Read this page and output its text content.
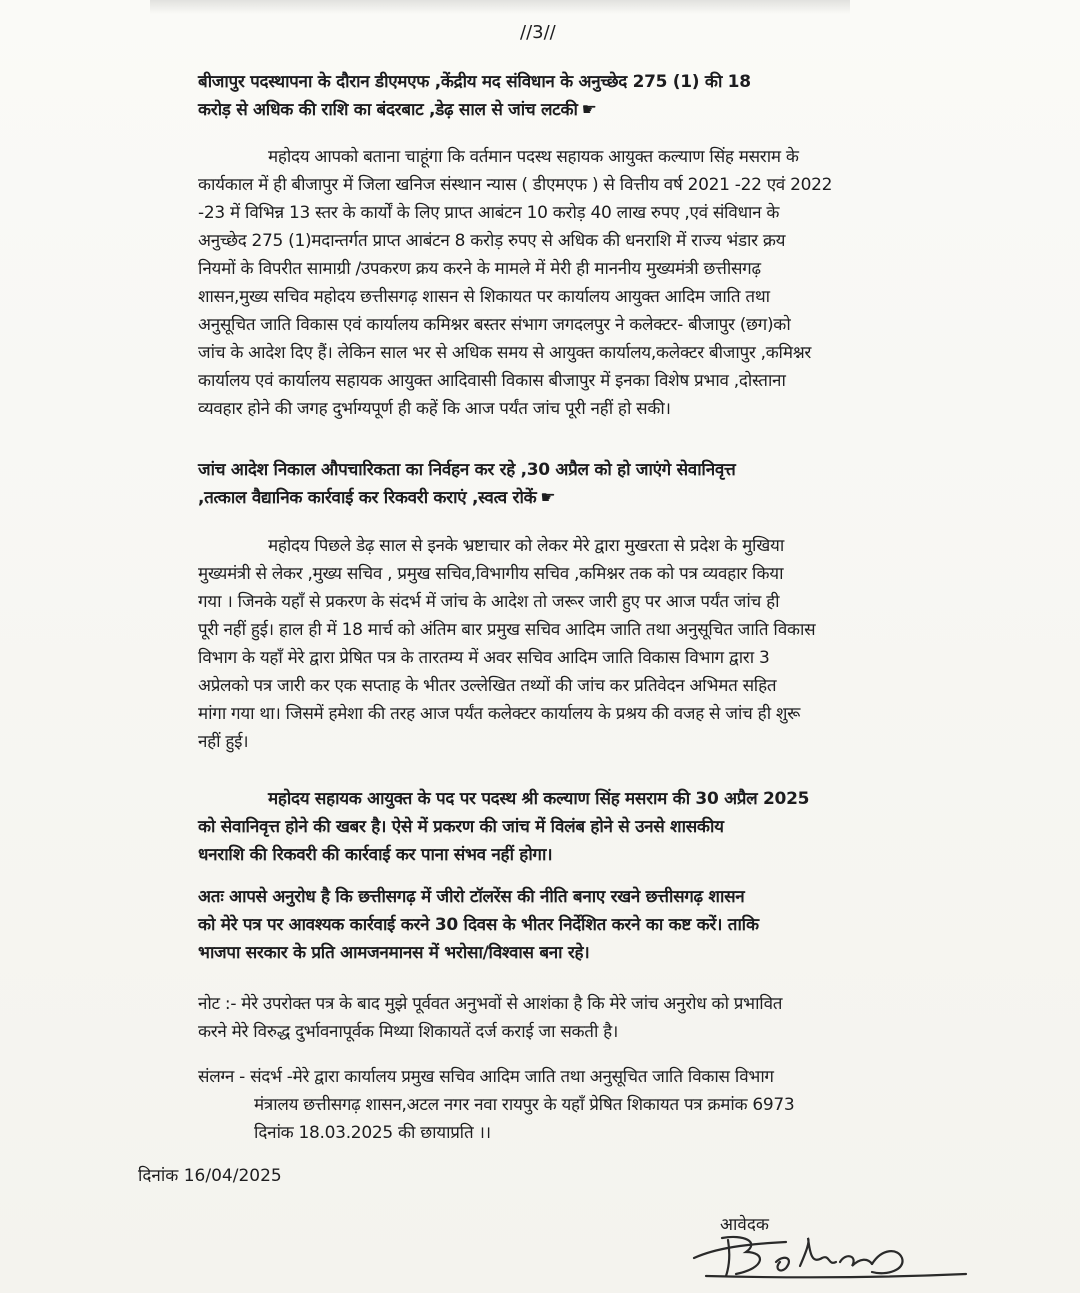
//3//
बीजापुर पदस्थापना के दौरान डीएमएफ ,केंद्रीय मद संविधान के अनुच्छेद 275 (1) की 18
करोड़ से अधिक की राशि का बंदरबाट ,डेढ़ साल से जांच लटकी ☛
महोदय आपको बताना चाहूंगा कि वर्तमान पदस्थ सहायक आयुक्त कल्याण सिंह मसराम के
कार्यकाल में ही बीजापुर में जिला खनिज संस्थान न्यास ( डीएमएफ ) से वित्तीय वर्ष 2021 -22 एवं 2022
-23 में विभिन्न 13 स्तर के कार्यों के लिए प्राप्त आबंटन 10 करोड़ 40 लाख रुपए ,एवं संविधान के
अनुच्छेद 275 (1)मदान्तर्गत प्राप्त आबंटन 8 करोड़ रुपए से अधिक की धनराशि में राज्य भंडार क्रय
नियमों के विपरीत सामाग्री /उपकरण क्रय करने के मामले में मेरी ही माननीय मुख्यमंत्री छत्तीसगढ़
शासन,मुख्य सचिव महोदय छत्तीसगढ़ शासन से शिकायत पर कार्यालय आयुक्त आदिम जाति तथा
अनुसूचित जाति विकास एवं कार्यालय कमिश्नर बस्तर संभाग जगदलपुर ने कलेक्टर- बीजापुर (छग)को
जांच के आदेश दिए हैं। लेकिन साल भर से अधिक समय से आयुक्त कार्यालय,कलेक्टर बीजापुर ,कमिश्नर
कार्यालय एवं कार्यालय सहायक आयुक्त आदिवासी विकास बीजापुर में इनका विशेष प्रभाव ,दोस्ताना
व्यवहार होने की जगह दुर्भाग्यपूर्ण ही कहें कि आज पर्यंत जांच पूरी नहीं हो सकी।
जांच आदेश निकाल औपचारिकता का निर्वहन कर रहे ,30 अप्रैल को हो जाएंगे सेवानिवृत्त
,तत्काल वैद्यानिक कार्रवाई कर रिकवरी कराएं ,स्वत्व रोकें ☛
महोदय पिछले डेढ़ साल से इनके भ्रष्टाचार को लेकर मेरे द्वारा मुखरता से प्रदेश के मुखिया
मुख्यमंत्री से लेकर ,मुख्य सचिव , प्रमुख सचिव,विभागीय सचिव ,कमिश्नर तक को पत्र व्यवहार किया
गया । जिनके यहाँ से प्रकरण के संदर्भ में जांच के आदेश तो जरूर जारी हुए पर आज पर्यंत जांच ही
पूरी नहीं हुई। हाल ही में 18 मार्च को अंतिम बार प्रमुख सचिव आदिम जाति तथा अनुसूचित जाति विकास
विभाग के यहाँ मेरे द्वारा प्रेषित पत्र के तारतम्य में अवर सचिव आदिम जाति विकास विभाग द्वारा 3
अप्रेलको पत्र जारी कर एक सप्ताह के भीतर उल्लेखित तथ्यों की जांच कर प्रतिवेदन अभिमत सहित
मांगा गया था। जिसमें हमेशा की तरह आज पर्यंत कलेक्टर कार्यालय के प्रश्रय की वजह से जांच ही शुरू
नहीं हुई।
महोदय सहायक आयुक्त के पद पर पदस्थ श्री कल्याण सिंह मसराम की 30 अप्रैल 2025
को सेवानिवृत्त होने की खबर है। ऐसे में प्रकरण की जांच में विलंब होने से उनसे शासकीय
धनराशि की रिकवरी की कार्रवाई कर पाना संभव नहीं होगा।
अतः आपसे अनुरोध है कि छत्तीसगढ़ में जीरो टॉलरेंस की नीति बनाए रखने छत्तीसगढ़ शासन
को मेरे पत्र पर आवश्यक कार्रवाई करने 30 दिवस के भीतर निर्देशित करने का कष्ट करें। ताकि
भाजपा सरकार के प्रति आमजनमानस में भरोसा/विश्वास बना रहे।
नोट :- मेरे उपरोक्त पत्र के बाद मुझे पूर्ववत अनुभवों से आशंका है कि मेरे जांच अनुरोध को प्रभावित
करने मेरे विरुद्ध दुर्भावनापूर्वक मिथ्या शिकायतें दर्ज कराई जा सकती है।
संलग्न - संदर्भ -मेरे द्वारा कार्यालय प्रमुख सचिव आदिम जाति तथा अनुसूचित जाति विकास विभाग
मंत्रालय छत्तीसगढ़ शासन,अटल नगर नवा रायपुर के यहाँ प्रेषित शिकायत पत्र क्रमांक 6973
दिनांक 18.03.2025 की छायाप्रति ।।
दिनांक 16/04/2025
आवेदक
